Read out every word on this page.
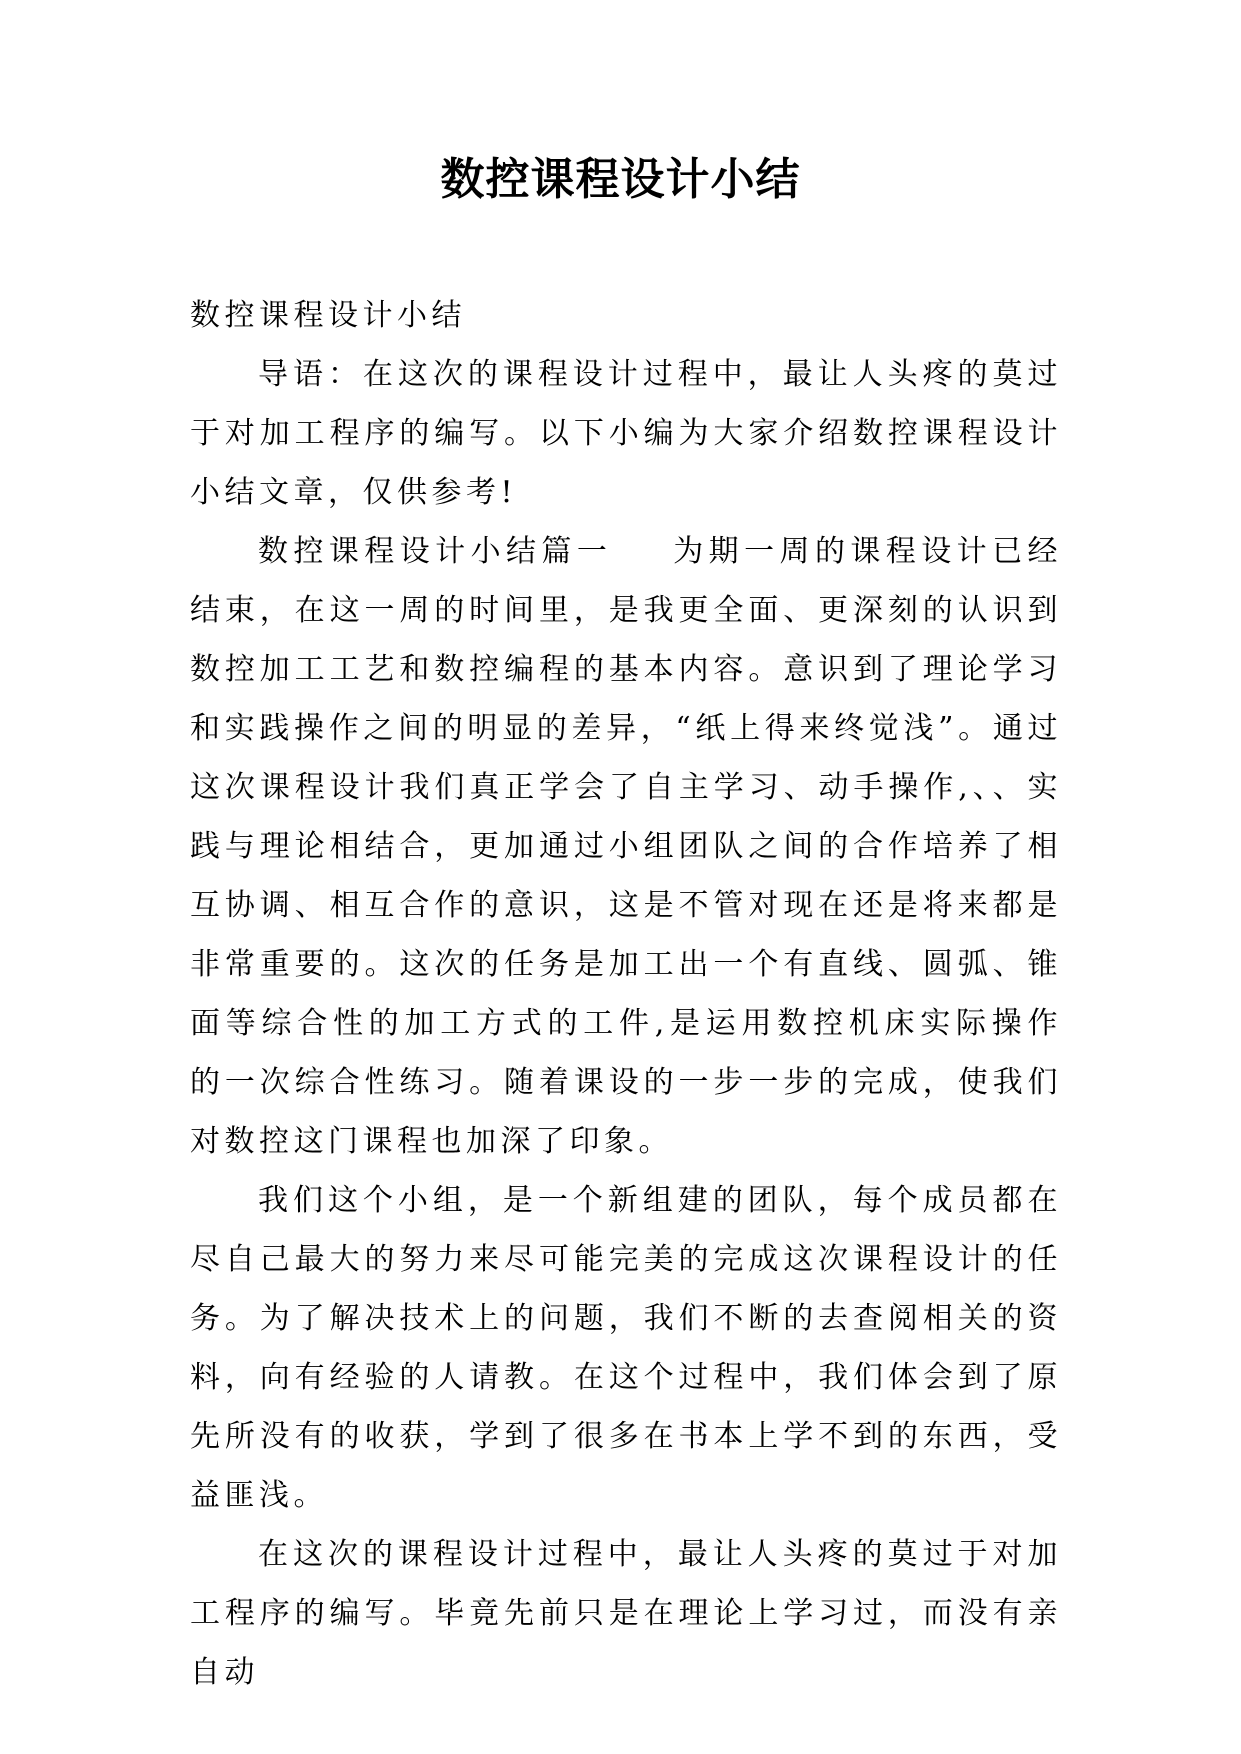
数控课程设计小结

数控课程设计小结

导语：在这次的课程设计过程中，最让人头疼的莫过于对加工程序的编写。以下小编为大家介绍数控课程设计小结文章，仅供参考!

数控课程设计小结篇一 为期一周的课程设计已经结束，在这一周的时间里，是我更全面、更深刻的认识到数控加工工艺和数控编程的基本内容。意识到了理论学习和实践操作之间的明显的差异，“纸上得来终觉浅”。通过这次课程设计我们真正学会了自主学习、动手操作,、、实践与理论相结合，更加通过小组团队之间的合作培养了相互协调、相互合作的意识，这是不管对现在还是将来都是非常重要的。这次的任务是加工出一个有直线、圆弧、锥面等综合性的加工方式的工件,是运用数控机床实际操作的一次综合性练习。随着课设的一步一步的完成，使我们对数控这门课程也加深了印象。

我们这个小组，是一个新组建的团队，每个成员都在尽自己最大的努力来尽可能完美的完成这次课程设计的任务。为了解决技术上的问题，我们不断的去查阅相关的资料，向有经验的人请教。在这个过程中，我们体会到了原先所没有的收获，学到了很多在书本上学不到的东西，受益匪浅。

在这次的课程设计过程中，最让人头疼的莫过于对加工程序的编写。毕竟先前只是在理论上学习过，而没有亲自动
